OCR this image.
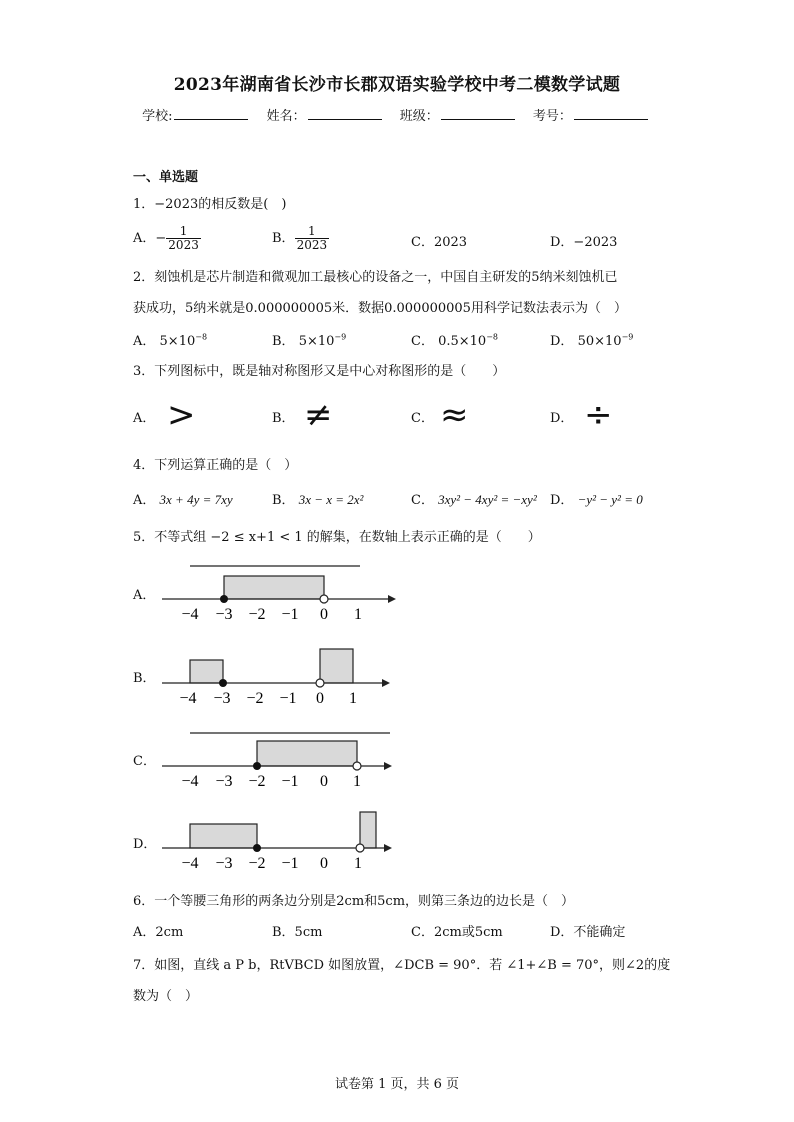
2023年湖南省长沙市长郡双语实验学校中考二模数学试题
学校:	姓名：	班级：	考号：
一、单选题
1．−2023的相反数是(　)
A．− $\frac{1}{2023}$	B． $\frac{1}{2023}$	C．2023	D．−2023
2．刻蚀机是芯片制造和微观加工最核心的设备之一，中国自主研发的5纳米刻蚀机已
获成功，5纳米就是0.000000005米．数据0.000000005用科学记数法表示为（　）
A． $5\times 10^{-8}$	B． $5\times 10^{-9}$	C． $0.5\times 10^{-8}$	D． $50\times 10^{-9}$
3．下列图标中，既是轴对称图形又是中心对称图形的是（　　）
A． >	B． ≠	C． ≈	D． ÷
4．下列运算正确的是（　）
A． 3x + 4y = 7xy	B． 3x − x = 2x²	C． 3xy² − 4xy² = −xy² D． −y² − y² = 0
5．不等式组 −2 ≤ x+1 < 1 的解集，在数轴上表示正确的是（　　）
A．
−4 −3 −2 −1 0 1
−4 −3 −2 −1 0 1
−4 −3 −2 −1 0 1
−4 −3 −2 −1 0 1
B．
C．
D．
6．一个等腰三角形的两条边分别是2cm和5cm，则第三条边的边长是（　）
A．2cm	B．5cm	C．2cm或5cm	D．不能确定
7．如图，直线 a P b，RtVBCD 如图放置，∠DCB = 90°．若 ∠1+∠B = 70°，则∠2的度
数为（　）
试卷第 1 页，共 6 页
